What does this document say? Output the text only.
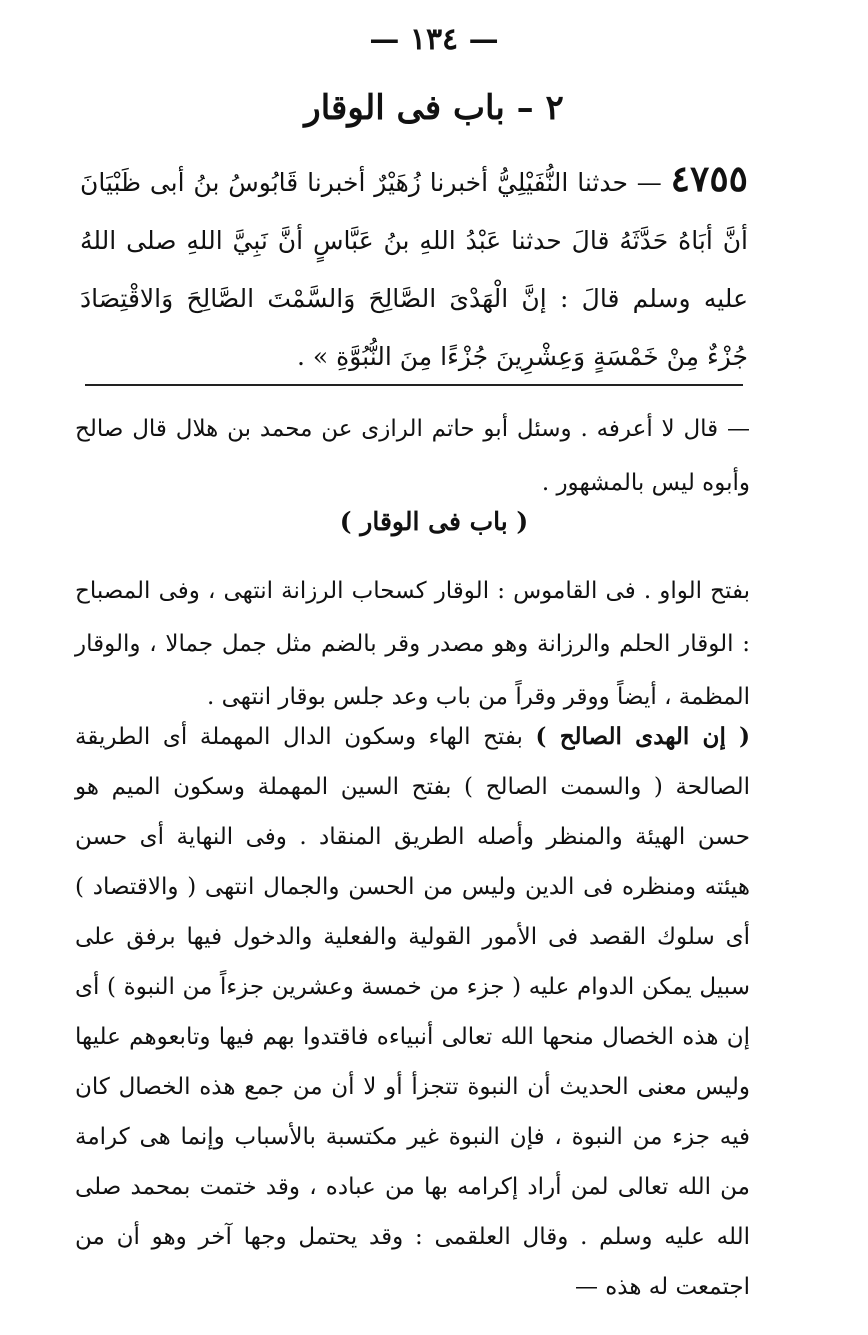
— ١٣٤ —
٢ – باب فى الوقار
٤٧٥٥ — حدثنا النُّفَيْلِيُّ أخبرنا زُهَيْرٌ أخبرنا قَابُوسُ بنُ أبى ظَبْيَانَ أنَّ أبَاهُ حَدَّثَهُ قالَ حدثنا عَبْدُ اللهِ بنُ عَبَّاسٍ أنَّ نَبِيَّ اللهِ صلى اللهُ عليه وسلم قالَ : إنَّ الْهَدْىَ الصَّالِحَ وَالسَّمْتَ الصَّالِحَ وَالاقْتِصَادَ جُزْءٌ مِنْ خَمْسَةٍ وَعِشْرِينَ جُزْءًا مِنَ النُّبُوَّةِ » .
— قال لا أعرفه . وسئل أبو حاتم الرازى عن محمد بن هلال قال صالح وأبوه ليس بالمشهور .
( باب فى الوقار )
بفتح الواو . فى القاموس : الوقار كسحاب الرزانة انتهى ، وفى المصباح : الوقار الحلم والرزانة وهو مصدر وقر بالضم مثل جمل جمالا ، والوقار المظمة ، أيضاً ووقر وقراً من باب وعد جلس بوقار انتهى .
( إن الهدى الصالح ) بفتح الهاء وسكون الدال المهملة أى الطريقة الصالحة ( والسمت الصالح ) بفتح السين المهملة وسكون الميم هو حسن الهيئة والمنظر وأصله الطريق المنقاد . وفى النهاية أى حسن هيئته ومنظره فى الدين وليس من الحسن والجمال انتهى ( والاقتصاد ) أى سلوك القصد فى الأمور القولية والفعلية والدخول فيها برفق على سبيل يمكن الدوام عليه ( جزء من خمسة وعشرين جزءاً من النبوة ) أى إن هذه الخصال منحها الله تعالى أنبياءه فاقتدوا بهم فيها وتابعوهم عليها وليس معنى الحديث أن النبوة تتجزأ أو لا أن من جمع هذه الخصال كان فيه جزء من النبوة ، فإن النبوة غير مكتسبة بالأسباب وإنما هى كرامة من الله تعالى لمن أراد إكرامه بها من عباده ، وقد ختمت بمحمد صلى الله عليه وسلم . وقال العلقمى : وقد يحتمل وجها آخر وهو أن من اجتمعت له هذه —
